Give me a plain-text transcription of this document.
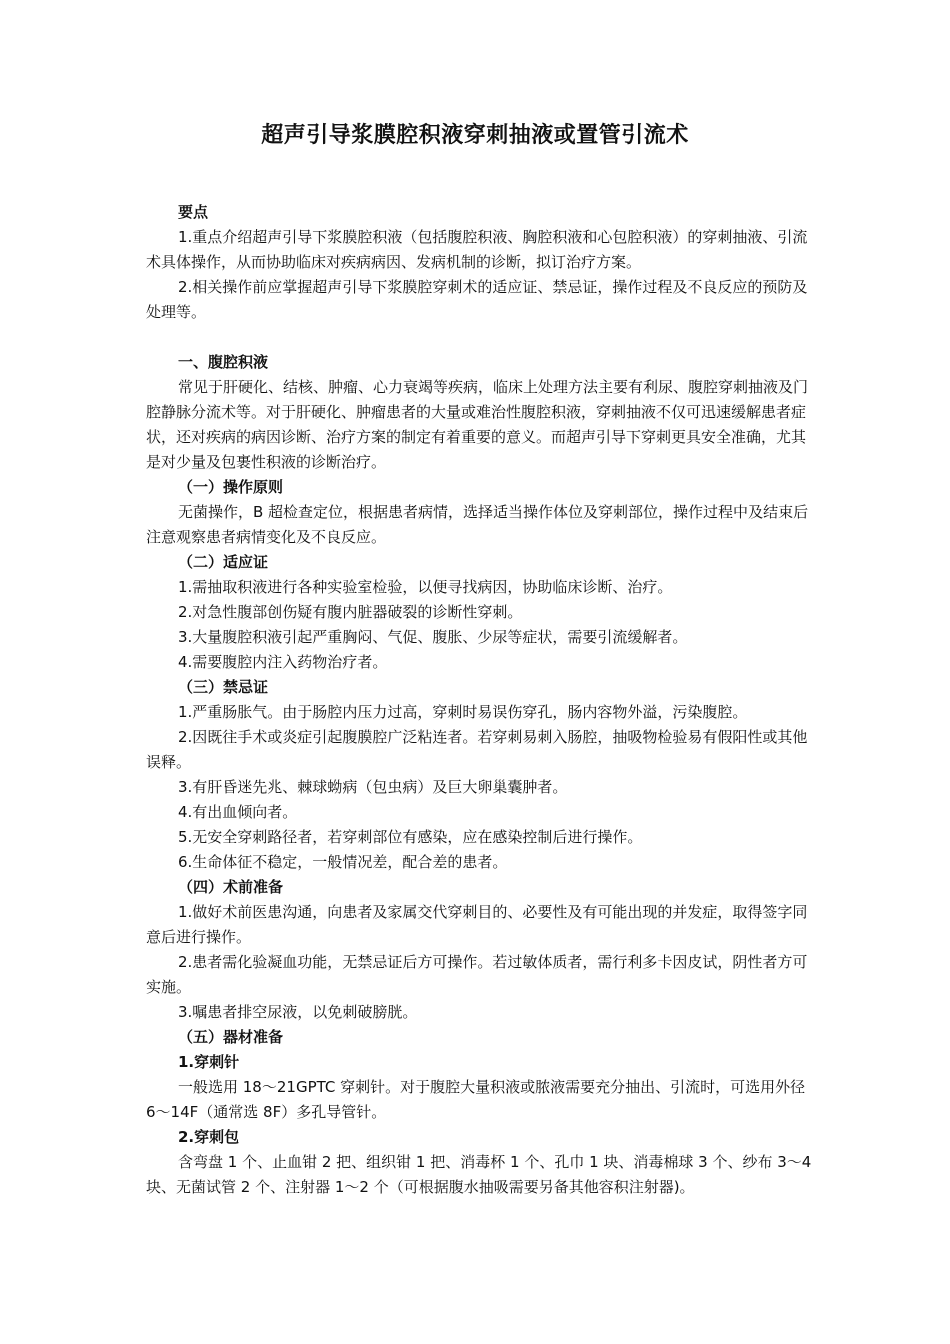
超声引导浆膜腔积液穿刺抽液或置管引流术

要点

1.重点介绍超声引导下浆膜腔积液（包括腹腔积液、胸腔积液和心包腔积液）的穿刺抽液、引流术具体操作，从而协助临床对疾病病因、发病机制的诊断，拟订治疗方案。

2.相关操作前应掌握超声引导下浆膜腔穿刺术的适应证、禁忌证，操作过程及不良反应的预防及处理等。

一、腹腔积液

常见于肝硬化、结核、肿瘤、心力衰竭等疾病，临床上处理方法主要有利尿、腹腔穿刺抽液及门腔静脉分流术等。对于肝硬化、肿瘤患者的大量或难治性腹腔积液，穿刺抽液不仅可迅速缓解患者症状，还对疾病的病因诊断、治疗方案的制定有着重要的意义。而超声引导下穿刺更具安全准确，尤其是对少量及包裹性积液的诊断治疗。

（一）操作原则

无菌操作，B 超检查定位，根据患者病情，选择适当操作体位及穿刺部位，操作过程中及结束后注意观察患者病情变化及不良反应。

（二）适应证

1.需抽取积液进行各种实验室检验，以便寻找病因，协助临床诊断、治疗。

2.对急性腹部创伤疑有腹内脏器破裂的诊断性穿刺。

3.大量腹腔积液引起严重胸闷、气促、腹胀、少尿等症状，需要引流缓解者。

4.需要腹腔内注入药物治疗者。

（三）禁忌证

1.严重肠胀气。由于肠腔内压力过高，穿刺时易误伤穿孔，肠内容物外溢，污染腹腔。

2.因既往手术或炎症引起腹膜腔广泛粘连者。若穿刺易刺入肠腔，抽吸物检验易有假阳性或其他误释。

3.有肝昏迷先兆、棘球蚴病（包虫病）及巨大卵巢囊肿者。

4.有出血倾向者。

5.无安全穿刺路径者，若穿刺部位有感染，应在感染控制后进行操作。

6.生命体征不稳定，一般情况差，配合差的患者。

（四）术前准备

1.做好术前医患沟通，向患者及家属交代穿刺目的、必要性及有可能出现的并发症，取得签字同意后进行操作。

2.患者需化验凝血功能，无禁忌证后方可操作。若过敏体质者，需行利多卡因皮试，阴性者方可实施。

3.嘱患者排空尿液，以免刺破膀胱。

（五）器材准备

1.穿刺针

一般选用 18～21GPTC 穿刺针。对于腹腔大量积液或脓液需要充分抽出、引流时，可选用外径 6～14F（通常选 8F）多孔导管针。

2.穿刺包

含弯盘 1 个、止血钳 2 把、组织钳 1 把、消毒杯 1 个、孔巾 1 块、消毒棉球 3 个、纱布 3～4 块、无菌试管 2 个、注射器 1～2 个（可根据腹水抽吸需要另备其他容积注射器)。
